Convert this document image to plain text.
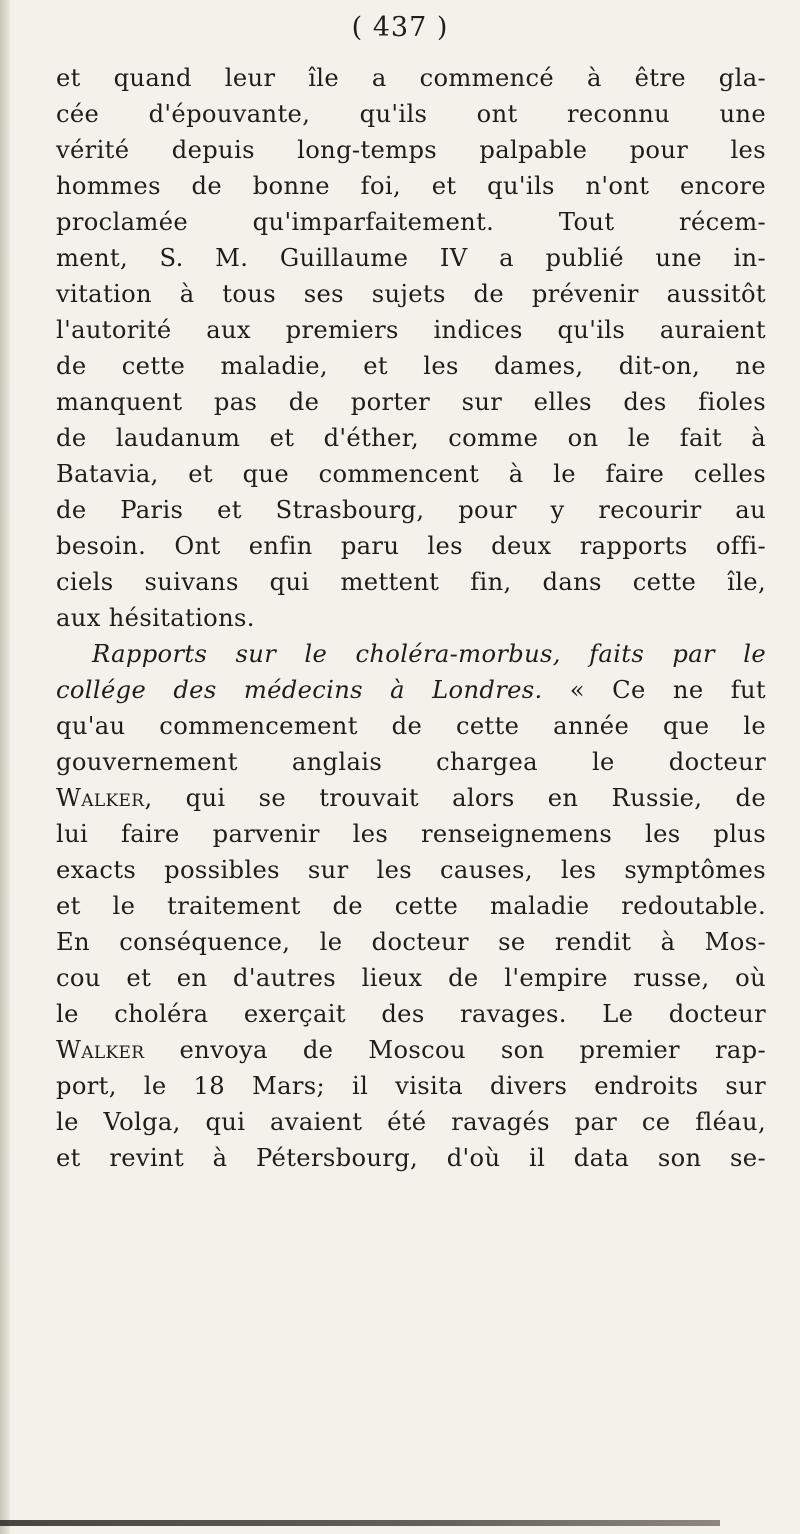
( 437 )
et quand leur île a commencé à être gla-
cée d'épouvante, qu'ils ont reconnu une
vérité depuis long-temps palpable pour les
hommes de bonne foi, et qu'ils n'ont encore
proclamée qu'imparfaitement. Tout récem-
ment, S. M. Guillaume IV a publié une in-
vitation à tous ses sujets de prévenir aussitôt
l'autorité aux premiers indices qu'ils auraient
de cette maladie, et les dames, dit-on, ne
manquent pas de porter sur elles des fioles
de laudanum et d'éther, comme on le fait à
Batavia, et que commencent à le faire celles
de Paris et Strasbourg, pour y recourir au
besoin. Ont enfin paru les deux rapports offi-
ciels suivans qui mettent fin, dans cette île,
aux hésitations.
Rapports sur le choléra-morbus, faits par le
collége des médecins à Londres. « Ce ne fut
qu'au commencement de cette année que le
gouvernement anglais chargea le docteur
Walker, qui se trouvait alors en Russie, de
lui faire parvenir les renseignemens les plus
exacts possibles sur les causes, les symptômes
et le traitement de cette maladie redoutable.
En conséquence, le docteur se rendit à Mos-
cou et en d'autres lieux de l'empire russe, où
le choléra exerçait des ravages. Le docteur
Walker envoya de Moscou son premier rap-
port, le 18 Mars; il visita divers endroits sur
le Volga, qui avaient été ravagés par ce fléau,
et revint à Pétersbourg, d'où il data son se-
